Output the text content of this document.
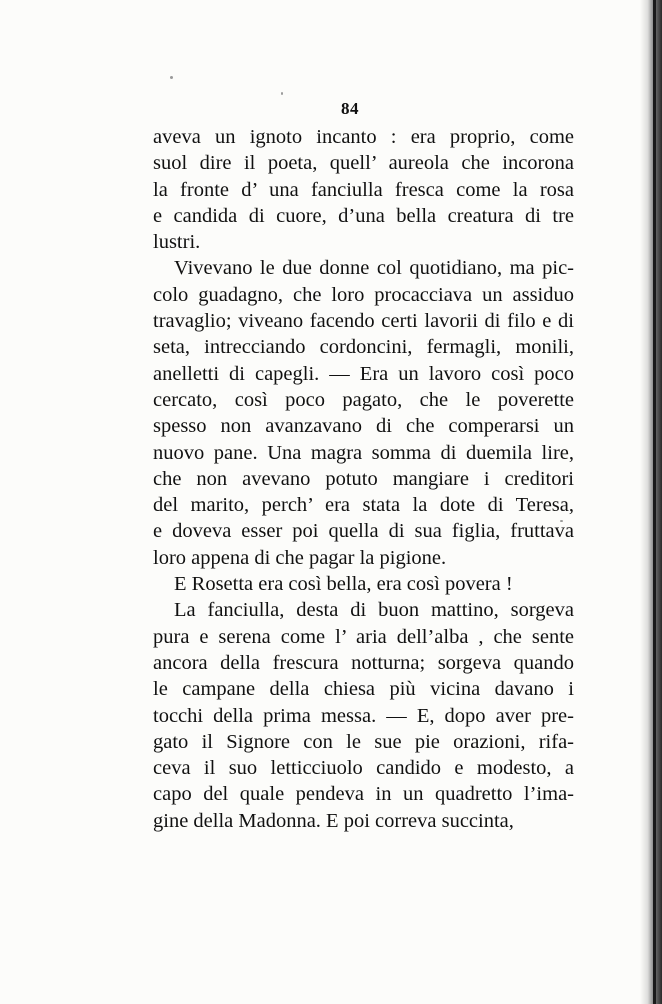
84
aveva un ignoto incanto : era proprio, come
suol dire il poeta, quell’ aureola che incorona
la fronte d’ una fanciulla fresca come la rosa
e candida di cuore, d’una bella creatura di tre
lustri.
Vivevano le due donne col quotidiano, ma pic-
colo guadagno, che loro procacciava un assiduo
travaglio; viveano facendo certi lavorii di filo e di
seta, intrecciando cordoncini, fermagli, monili,
anelletti di capegli. — Era un lavoro così poco
cercato, così poco pagato, che le poverette
spesso non avanzavano di che comperarsi un
nuovo pane. Una magra somma di duemila lire,
che non avevano potuto mangiare i creditori
del marito, perch’ era stata la dote di Teresa,
e doveva esser poi quella di sua figlia, fruttava
loro appena di che pagar la pigione.
E Rosetta era così bella, era così povera !
La fanciulla, desta di buon mattino, sorgeva
pura e serena come l’ aria dell’alba , che sente
ancora della frescura notturna; sorgeva quando
le campane della chiesa più vicina davano i
tocchi della prima messa. — E, dopo aver pre-
gato il Signore con le sue pie orazioni, rifa-
ceva il suo letticciuolo candido e modesto, a
capo del quale pendeva in un quadretto l’ima-
gine della Madonna. E poi correva succinta,
